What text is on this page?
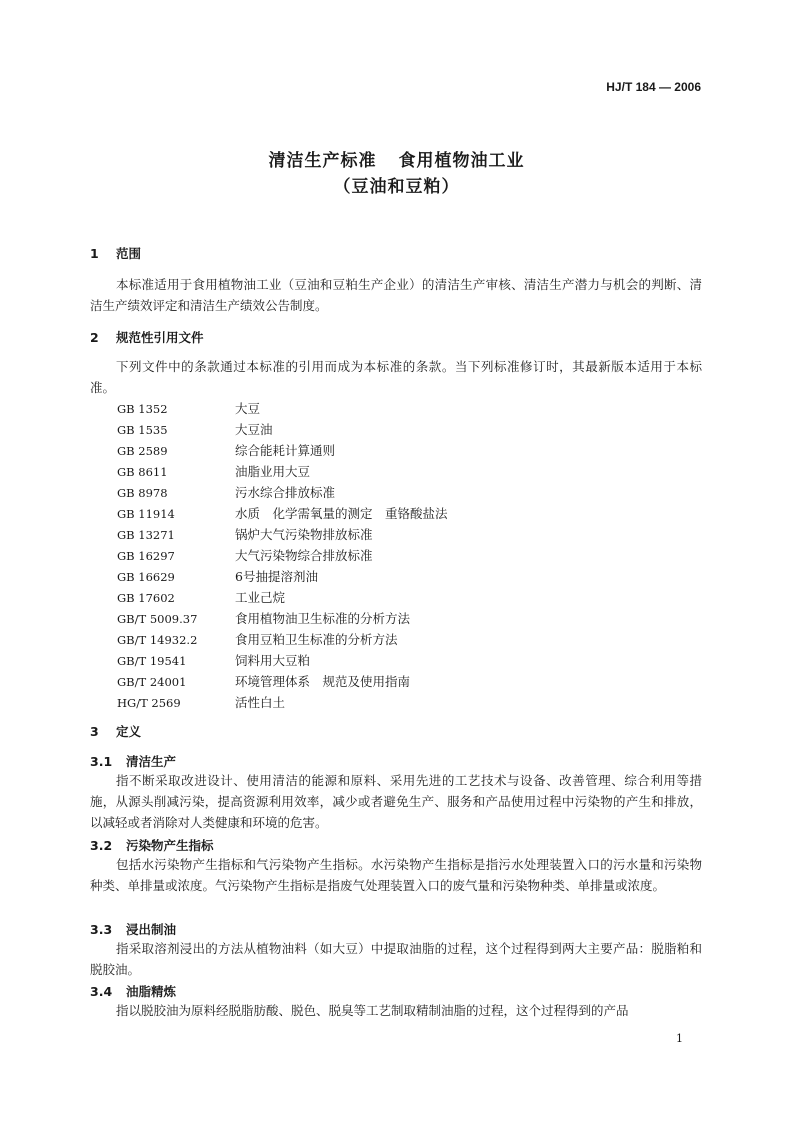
HJ/T 184 — 2006
清洁生产标准 食用植物油工业
（豆油和豆粕）
1 范围

本标准适用于食用植物油工业（豆油和豆粕生产企业）的清洁生产审核、清洁生产潜力与机会的判断、清洁生产绩效评定和清洁生产绩效公告制度。

2 规范性引用文件

下列文件中的条款通过本标准的引用而成为本标准的条款。当下列标准修订时，其最新版本适用于本标准。

GB 1352	大豆
GB 1535	大豆油
GB 2589	综合能耗计算通则
GB 8611	油脂业用大豆
GB 8978	污水综合排放标准
GB 11914	水质　化学需氧量的测定　重铬酸盐法
GB 13271	锅炉大气污染物排放标准
GB 16297	大气污染物综合排放标准
GB 16629	6号抽提溶剂油
GB 17602	工业己烷
GB/T 5009.37	食用植物油卫生标准的分析方法
GB/T 14932.2	食用豆粕卫生标准的分析方法
GB/T 19541	饲料用大豆粕
GB/T 24001	环境管理体系　规范及使用指南
HG/T 2569	活性白土
3 定义
3.1 清洁生产

指不断采取改进设计、使用清洁的能源和原料、采用先进的工艺技术与设备、改善管理、综合利用等措施，从源头削减污染，提高资源利用效率，减少或者避免生产、服务和产品使用过程中污染物的产生和排放，以减轻或者消除对人类健康和环境的危害。

3.2 污染物产生指标

包括水污染物产生指标和气污染物产生指标。水污染物产生指标是指污水处理装置入口的污水量和污染物种类、单排量或浓度。气污染物产生指标是指废气处理装置入口的废气量和污染物种类、单排量或浓度。

3.3 浸出制油

指采取溶剂浸出的方法从植物油料（如大豆）中提取油脂的过程，这个过程得到两大主要产品：脱脂粕和脱胶油。

3.4 油脂精炼

指以脱胶油为原料经脱脂肪酸、脱色、脱臭等工艺制取精制油脂的过程，这个过程得到的产品

1
